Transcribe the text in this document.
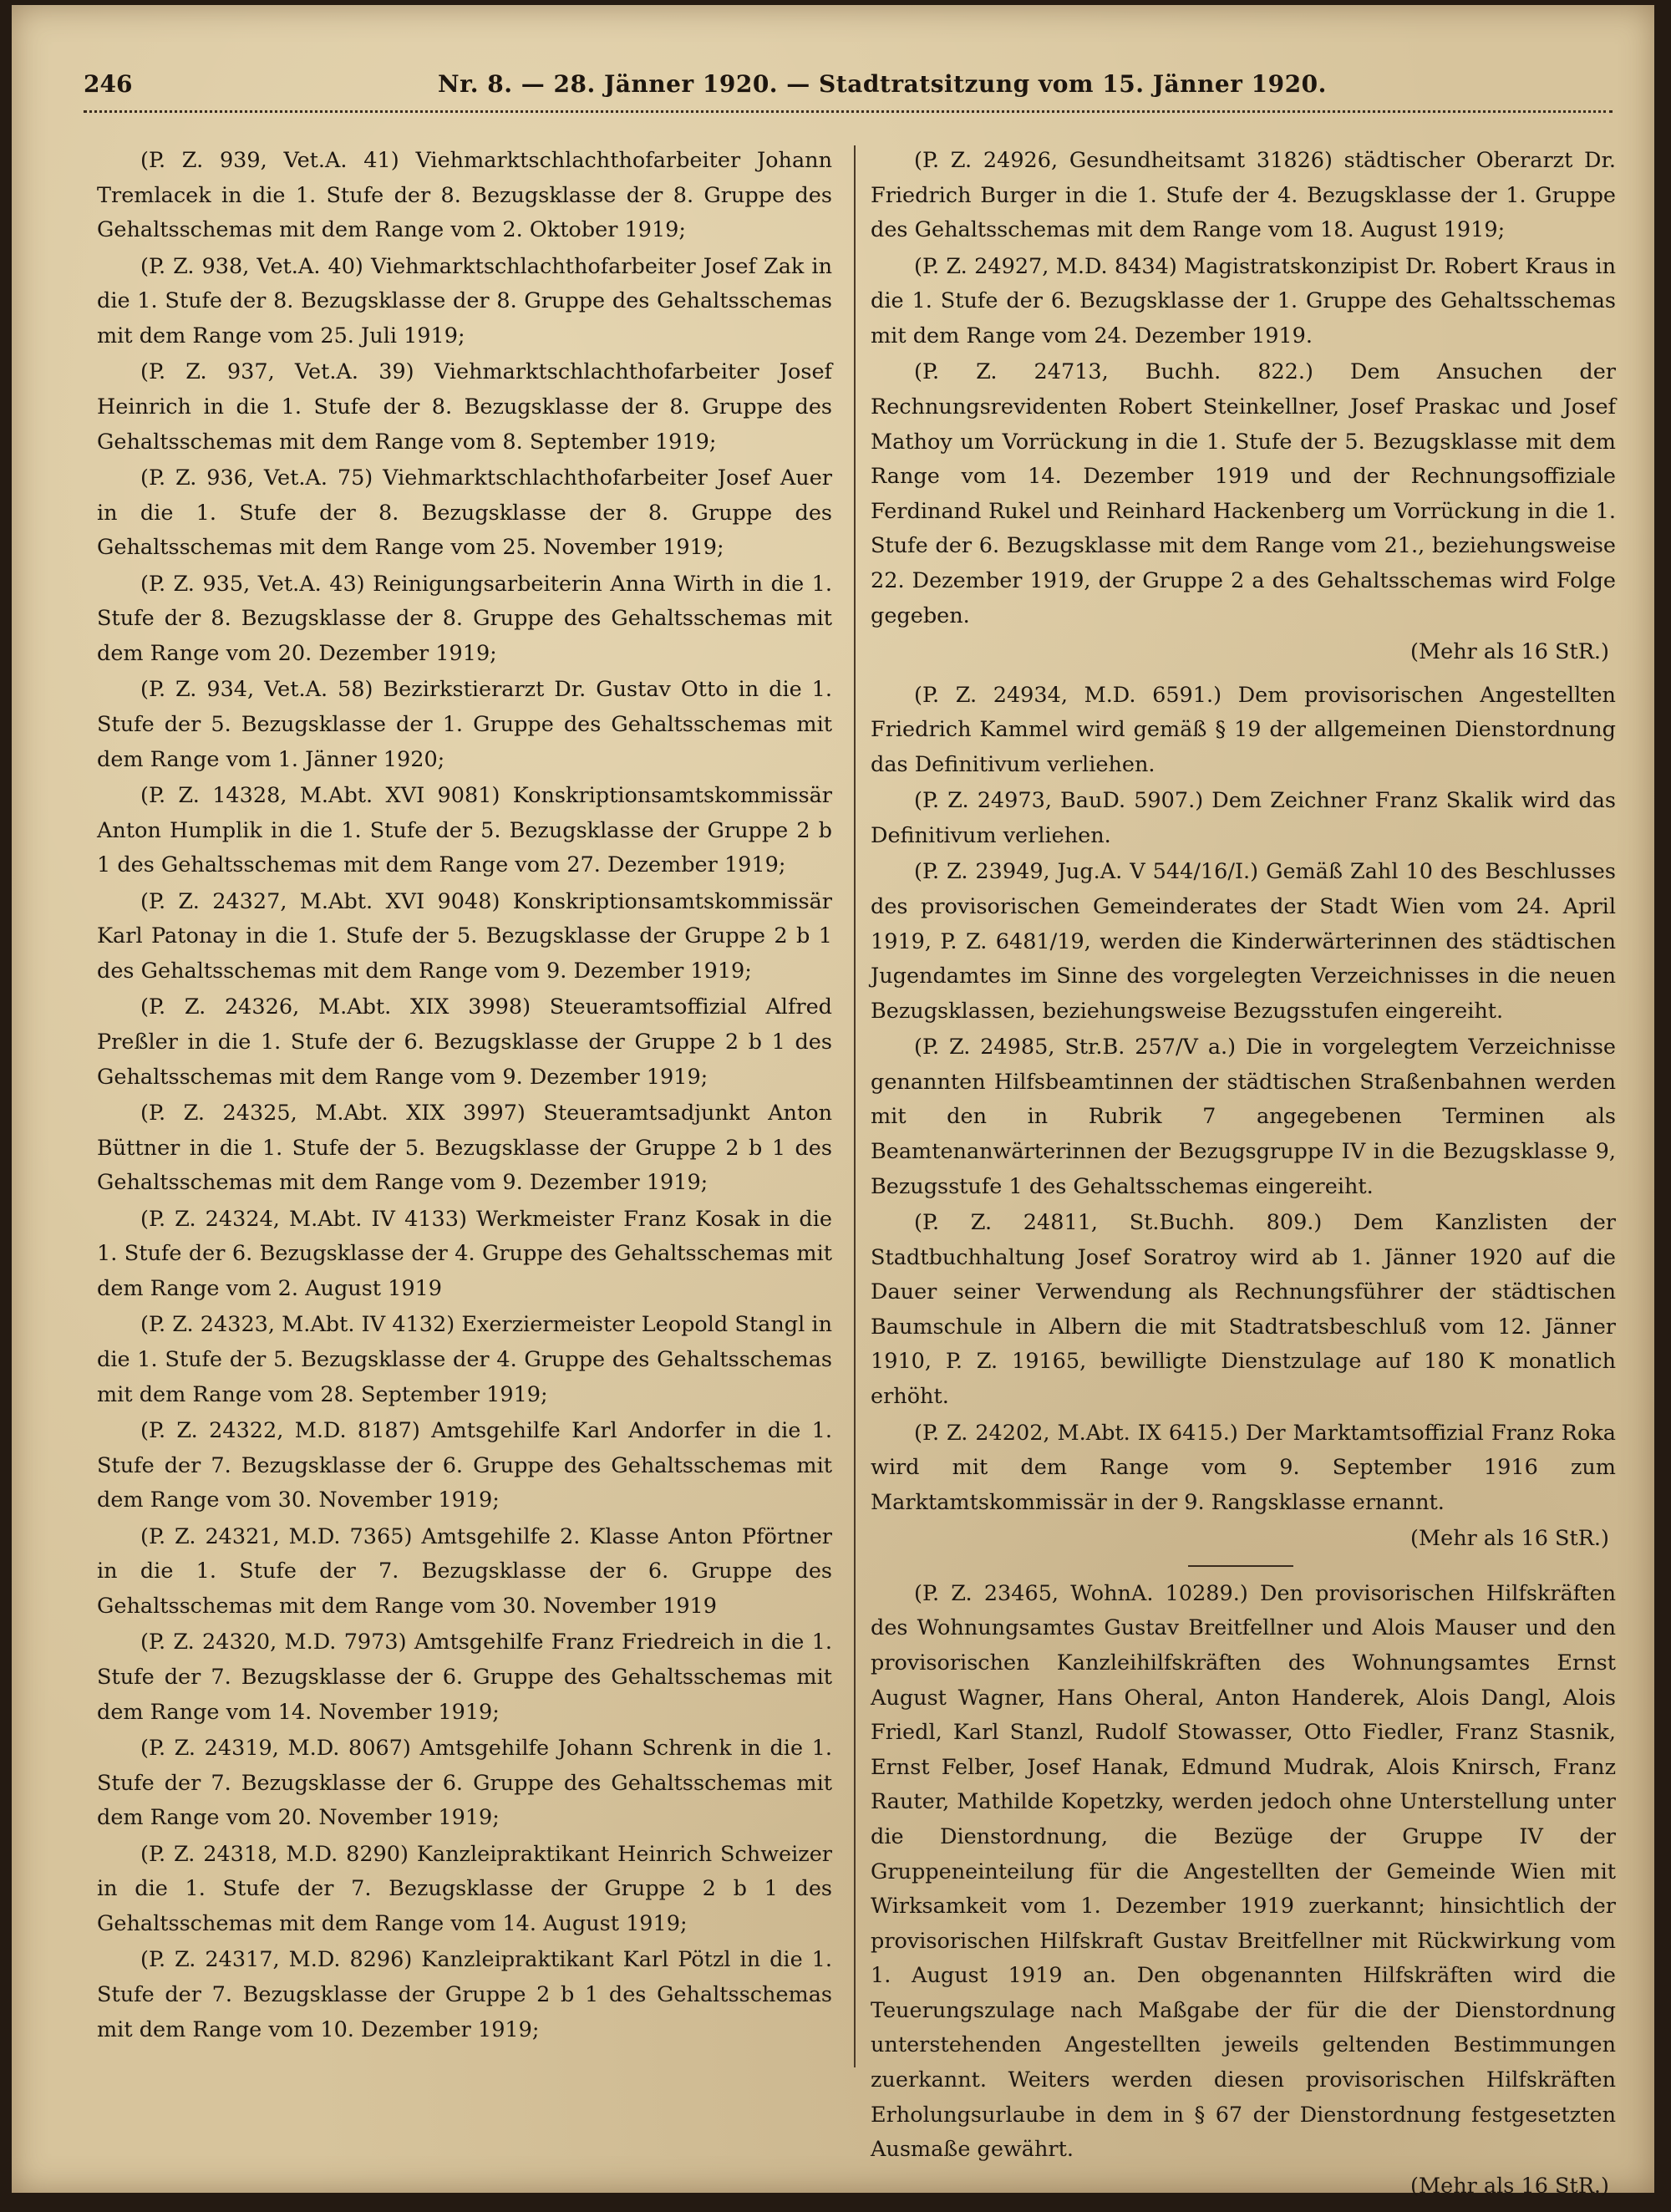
246	Nr. 8. — 28. Jänner 1920. — Stadtratsitzung vom 15. Jänner 1920.

(P. Z. 939, Vet.A. 41) Viehmarktschlachthofarbeiter Johann Tremlacek in die 1. Stufe der 8. Bezugsklasse der 8. Gruppe des Gehaltsschemas mit dem Range vom 2. Oktober 1919;

(P. Z. 938, Vet.A. 40) Viehmarktschlachthofarbeiter Josef Zak in die 1. Stufe der 8. Bezugsklasse der 8. Gruppe des Gehaltsschemas mit dem Range vom 25. Juli 1919;

(P. Z. 937, Vet.A. 39) Viehmarktschlachthofarbeiter Josef Heinrich in die 1. Stufe der 8. Bezugsklasse der 8. Gruppe des Gehaltsschemas mit dem Range vom 8. September 1919;

(P. Z. 936, Vet.A. 75) Viehmarktschlachthofarbeiter Josef Auer in die 1. Stufe der 8. Bezugsklasse der 8. Gruppe des Gehaltsschemas mit dem Range vom 25. November 1919;

(P. Z. 935, Vet.A. 43) Reinigungsarbeiterin Anna Wirth in die 1. Stufe der 8. Bezugsklasse der 8. Gruppe des Gehaltsschemas mit dem Range vom 20. Dezember 1919;

(P. Z. 934, Vet.A. 58) Bezirkstierarzt Dr. Gustav Otto in die 1. Stufe der 5. Bezugsklasse der 1. Gruppe des Gehaltsschemas mit dem Range vom 1. Jänner 1920;

(P. Z. 14328, M.Abt. XVI 9081) Konskriptionsamtskommissär Anton Humplik in die 1. Stufe der 5. Bezugsklasse der Gruppe 2 b 1 des Gehaltsschemas mit dem Range vom 27. Dezember 1919;

(P. Z. 24327, M.Abt. XVI 9048) Konskriptionsamtskommissär Karl Patonay in die 1. Stufe der 5. Bezugsklasse der Gruppe 2 b 1 des Gehaltsschemas mit dem Range vom 9. Dezember 1919;

(P. Z. 24326, M.Abt. XIX 3998) Steueramtsoffizial Alfred Preßler in die 1. Stufe der 6. Bezugsklasse der Gruppe 2 b 1 des Gehaltsschemas mit dem Range vom 9. Dezember 1919;

(P. Z. 24325, M.Abt. XIX 3997) Steueramtsadjunkt Anton Büttner in die 1. Stufe der 5. Bezugsklasse der Gruppe 2 b 1 des Gehaltsschemas mit dem Range vom 9. Dezember 1919;

(P. Z. 24324, M.Abt. IV 4133) Werkmeister Franz Kosak in die 1. Stufe der 6. Bezugsklasse der 4. Gruppe des Gehaltsschemas mit dem Range vom 2. August 1919

(P. Z. 24323, M.Abt. IV 4132) Exerziermeister Leopold Stangl in die 1. Stufe der 5. Bezugsklasse der 4. Gruppe des Gehaltsschemas mit dem Range vom 28. September 1919;

(P. Z. 24322, M.D. 8187) Amtsgehilfe Karl Andorfer in die 1. Stufe der 7. Bezugsklasse der 6. Gruppe des Gehaltsschemas mit dem Range vom 30. November 1919;

(P. Z. 24321, M.D. 7365) Amtsgehilfe 2. Klasse Anton Pförtner in die 1. Stufe der 7. Bezugsklasse der 6. Gruppe des Gehaltsschemas mit dem Range vom 30. November 1919

(P. Z. 24320, M.D. 7973) Amtsgehilfe Franz Friedreich in die 1. Stufe der 7. Bezugsklasse der 6. Gruppe des Gehaltsschemas mit dem Range vom 14. November 1919;

(P. Z. 24319, M.D. 8067) Amtsgehilfe Johann Schrenk in die 1. Stufe der 7. Bezugsklasse der 6. Gruppe des Gehaltsschemas mit dem Range vom 20. November 1919;

(P. Z. 24318, M.D. 8290) Kanzleipraktikant Heinrich Schweizer in die 1. Stufe der 7. Bezugsklasse der Gruppe 2 b 1 des Gehaltsschemas mit dem Range vom 14. August 1919;

(P. Z. 24317, M.D. 8296) Kanzleipraktikant Karl Pötzl in die 1. Stufe der 7. Bezugsklasse der Gruppe 2 b 1 des Gehaltsschemas mit dem Range vom 10. Dezember 1919;

(P. Z. 24926, Gesundheitsamt 31826) städtischer Oberarzt Dr. Friedrich Burger in die 1. Stufe der 4. Bezugsklasse der 1. Gruppe des Gehaltsschemas mit dem Range vom 18. August 1919;

(P. Z. 24927, M.D. 8434) Magistratskonzipist Dr. Robert Kraus in die 1. Stufe der 6. Bezugsklasse der 1. Gruppe des Gehaltsschemas mit dem Range vom 24. Dezember 1919.

(P. Z. 24713, Buchh. 822.) Dem Ansuchen der Rechnungsrevidenten Robert Steinkellner, Josef Praskac und Josef Mathoy um Vorrückung in die 1. Stufe der 5. Bezugsklasse mit dem Range vom 14. Dezember 1919 und der Rechnungsoffiziale Ferdinand Rukel und Reinhard Hackenberg um Vorrückung in die 1. Stufe der 6. Bezugsklasse mit dem Range vom 21., beziehungsweise 22. Dezember 1919, der Gruppe 2 a des Gehaltsschemas wird Folge gegeben.

(Mehr als 16 StR.)

(P. Z. 24934, M.D. 6591.) Dem provisorischen Angestellten Friedrich Kammel wird gemäß § 19 der allgemeinen Dienstordnung das Definitivum verliehen.

(P. Z. 24973, BauD. 5907.) Dem Zeichner Franz Skalik wird das Definitivum verliehen.

(P. Z. 23949, Jug.A. V 544/16/I.) Gemäß Zahl 10 des Beschlusses des provisorischen Gemeinderates der Stadt Wien vom 24. April 1919, P. Z. 6481/19, werden die Kinderwärterinnen des städtischen Jugendamtes im Sinne des vorgelegten Verzeichnisses in die neuen Bezugsklassen, beziehungsweise Bezugsstufen eingereiht.

(P. Z. 24985, Str.B. 257/V a.) Die in vorgelegtem Verzeichnisse genannten Hilfsbeamtinnen der städtischen Straßenbahnen werden mit den in Rubrik 7 angegebenen Terminen als Beamtenanwärterinnen der Bezugsgruppe IV in die Bezugsklasse 9, Bezugsstufe 1 des Gehaltsschemas eingereiht.

(P. Z. 24811, St.Buchh. 809.) Dem Kanzlisten der Stadtbuchhaltung Josef Soratroy wird ab 1. Jänner 1920 auf die Dauer seiner Verwendung als Rechnungsführer der städtischen Baumschule in Albern die mit Stadtratsbeschluß vom 12. Jänner 1910, P. Z. 19165, bewilligte Dienstzulage auf 180 K monatlich erhöht.

(P. Z. 24202, M.Abt. IX 6415.) Der Marktamtsoffizial Franz Roka wird mit dem Range vom 9. September 1916 zum Marktamtskommissär in der 9. Rangsklasse ernannt.

(Mehr als 16 StR.)

(P. Z. 23465, WohnA. 10289.) Den provisorischen Hilfskräften des Wohnungsamtes Gustav Breitfellner und Alois Mauser und den provisorischen Kanzleihilfskräften des Wohnungsamtes Ernst August Wagner, Hans Oheral, Anton Handerek, Alois Dangl, Alois Friedl, Karl Stanzl, Rudolf Stowasser, Otto Fiedler, Franz Stasnik, Ernst Felber, Josef Hanak, Edmund Mudrak, Alois Knirsch, Franz Rauter, Mathilde Kopetzky, werden jedoch ohne Unterstellung unter die Dienstordnung, die Bezüge der Gruppe IV der Gruppeneinteilung für die Angestellten der Gemeinde Wien mit Wirksamkeit vom 1. Dezember 1919 zuerkannt; hinsichtlich der provisorischen Hilfskraft Gustav Breitfellner mit Rückwirkung vom 1. August 1919 an. Den obgenannten Hilfskräften wird die Teuerungszulage nach Maßgabe der für die der Dienstordnung unterstehenden Angestellten jeweils geltenden Bestimmungen zuerkannt. Weiters werden diesen provisorischen Hilfskräften Erholungsurlaube in dem in § 67 der Dienstordnung festgesetzten Ausmaße gewährt.

(Mehr als 16 StR.)
